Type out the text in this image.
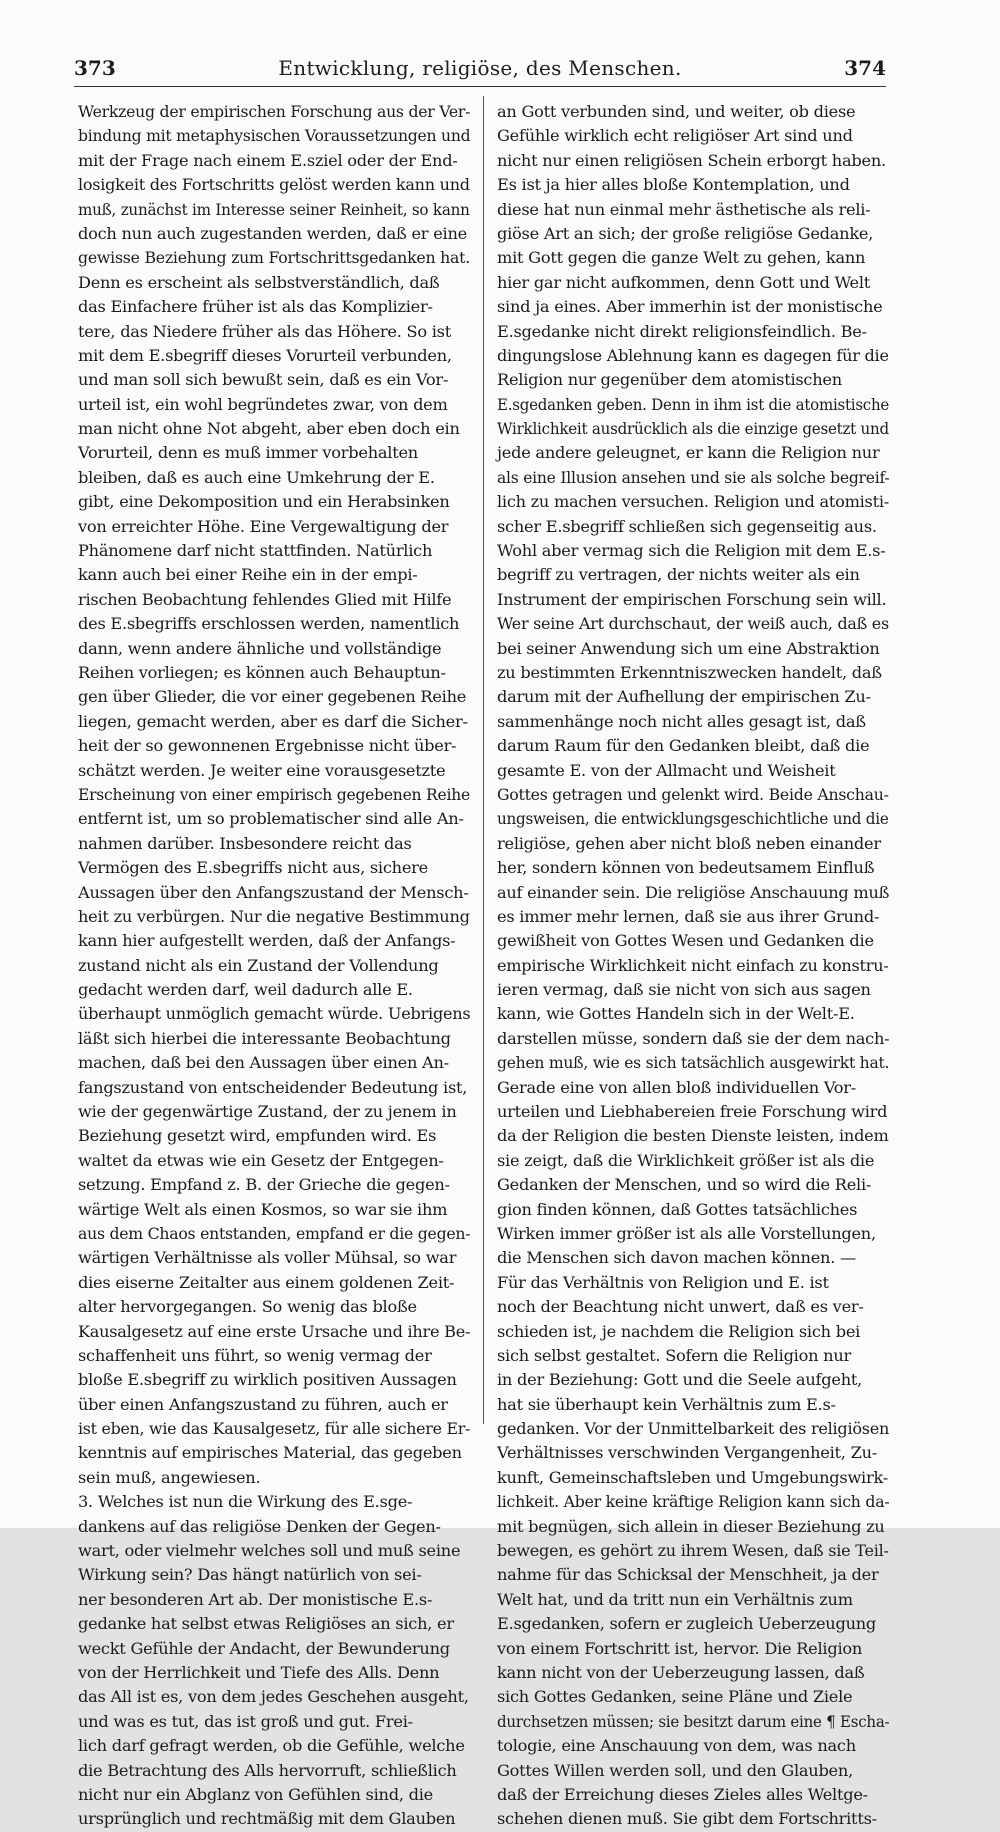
373	Entwicklung, religiöse, des Menschen.	374
Werkzeug der empirischen Forschung aus der Ver-
bindung mit metaphysischen Voraussetzungen und
mit der Frage nach einem E.sziel oder der End-
losigkeit des Fortschritts gelöst werden kann und
muß, zunächst im Interesse seiner Reinheit, so kann
doch nun auch zugestanden werden, daß er eine
gewisse Beziehung zum Fortschrittsgedanken hat.
Denn es erscheint als selbstverständlich, daß
das Einfachere früher ist als das Komplizier-
tere, das Niedere früher als das Höhere. So ist
mit dem E.sbegriff dieses Vorurteil verbunden,
und man soll sich bewußt sein, daß es ein Vor-
urteil ist, ein wohl begründetes zwar, von dem
man nicht ohne Not abgeht, aber eben doch ein
Vorurteil, denn es muß immer vorbehalten
bleiben, daß es auch eine Umkehrung der E.
gibt, eine Dekomposition und ein Herabsinken
von erreichter Höhe. Eine Vergewaltigung der
Phänomene darf nicht stattfinden. Natürlich
kann auch bei einer Reihe ein in der empi-
rischen Beobachtung fehlendes Glied mit Hilfe
des E.sbegriffs erschlossen werden, namentlich
dann, wenn andere ähnliche und vollständige
Reihen vorliegen; es können auch Behauptun-
gen über Glieder, die vor einer gegebenen Reihe
liegen, gemacht werden, aber es darf die Sicher-
heit der so gewonnenen Ergebnisse nicht über-
schätzt werden. Je weiter eine vorausgesetzte
Erscheinung von einer empirisch gegebenen Reihe
entfernt ist, um so problematischer sind alle An-
nahmen darüber. Insbesondere reicht das
Vermögen des E.sbegriffs nicht aus, sichere
Aussagen über den Anfangszustand der Mensch-
heit zu verbürgen. Nur die negative Bestimmung
kann hier aufgestellt werden, daß der Anfangs-
zustand nicht als ein Zustand der Vollendung
gedacht werden darf, weil dadurch alle E.
überhaupt unmöglich gemacht würde. Uebrigens
läßt sich hierbei die interessante Beobachtung
machen, daß bei den Aussagen über einen An-
fangszustand von entscheidender Bedeutung ist,
wie der gegenwärtige Zustand, der zu jenem in
Beziehung gesetzt wird, empfunden wird. Es
waltet da etwas wie ein Gesetz der Entgegen-
setzung. Empfand z. B. der Grieche die gegen-
wärtige Welt als einen Kosmos, so war sie ihm
aus dem Chaos entstanden, empfand er die gegen-
wärtigen Verhältnisse als voller Mühsal, so war
dies eiserne Zeitalter aus einem goldenen Zeit-
alter hervorgegangen. So wenig das bloße
Kausalgesetz auf eine erste Ursache und ihre Be-
schaffenheit uns führt, so wenig vermag der
bloße E.sbegriff zu wirklich positiven Aussagen
über einen Anfangszustand zu führen, auch er
ist eben, wie das Kausalgesetz, für alle sichere Er-
kenntnis auf empirisches Material, das gegeben
sein muß, angewiesen.
3. Welches ist nun die Wirkung des E.sge-
dankens auf das religiöse Denken der Gegen-
wart, oder vielmehr welches soll und muß seine
Wirkung sein? Das hängt natürlich von sei-
ner besonderen Art ab. Der monistische E.s-
gedanke hat selbst etwas Religiöses an sich, er
weckt Gefühle der Andacht, der Bewunderung
von der Herrlichkeit und Tiefe des Alls. Denn
das All ist es, von dem jedes Geschehen ausgeht,
und was es tut, das ist groß und gut. Frei-
lich darf gefragt werden, ob die Gefühle, welche
die Betrachtung des Alls hervorruft, schließlich
nicht nur ein Abglanz von Gefühlen sind, die
ursprünglich und rechtmäßig mit dem Glauben
an Gott verbunden sind, und weiter, ob diese
Gefühle wirklich echt religiöser Art sind und
nicht nur einen religiösen Schein erborgt haben.
Es ist ja hier alles bloße Kontemplation, und
diese hat nun einmal mehr ästhetische als reli-
giöse Art an sich; der große religiöse Gedanke,
mit Gott gegen die ganze Welt zu gehen, kann
hier gar nicht aufkommen, denn Gott und Welt
sind ja eines. Aber immerhin ist der monistische
E.sgedanke nicht direkt religionsfeindlich. Be-
dingungslose Ablehnung kann es dagegen für die
Religion nur gegenüber dem atomistischen
E.sgedanken geben. Denn in ihm ist die atomistische
Wirklichkeit ausdrücklich als die einzige gesetzt und
jede andere geleugnet, er kann die Religion nur
als eine Illusion ansehen und sie als solche begreif-
lich zu machen versuchen. Religion und atomisti-
scher E.sbegriff schließen sich gegenseitig aus.
Wohl aber vermag sich die Religion mit dem E.s-
begriff zu vertragen, der nichts weiter als ein
Instrument der empirischen Forschung sein will.
Wer seine Art durchschaut, der weiß auch, daß es
bei seiner Anwendung sich um eine Abstraktion
zu bestimmten Erkenntniszwecken handelt, daß
darum mit der Aufhellung der empirischen Zu-
sammenhänge noch nicht alles gesagt ist, daß
darum Raum für den Gedanken bleibt, daß die
gesamte E. von der Allmacht und Weisheit
Gottes getragen und gelenkt wird. Beide Anschau-
ungsweisen, die entwicklungsgeschichtliche und die
religiöse, gehen aber nicht bloß neben einander
her, sondern können von bedeutsamem Einfluß
auf einander sein. Die religiöse Anschauung muß
es immer mehr lernen, daß sie aus ihrer Grund-
gewißheit von Gottes Wesen und Gedanken die
empirische Wirklichkeit nicht einfach zu konstru-
ieren vermag, daß sie nicht von sich aus sagen
kann, wie Gottes Handeln sich in der Welt-E.
darstellen müsse, sondern daß sie der dem nach-
gehen muß, wie es sich tatsächlich ausgewirkt hat.
Gerade eine von allen bloß individuellen Vor-
urteilen und Liebhabereien freie Forschung wird
da der Religion die besten Dienste leisten, indem
sie zeigt, daß die Wirklichkeit größer ist als die
Gedanken der Menschen, und so wird die Reli-
gion finden können, daß Gottes tatsächliches
Wirken immer größer ist als alle Vorstellungen,
die Menschen sich davon machen können. —
Für das Verhältnis von Religion und E. ist
noch der Beachtung nicht unwert, daß es ver-
schieden ist, je nachdem die Religion sich bei
sich selbst gestaltet. Sofern die Religion nur
in der Beziehung: Gott und die Seele aufgeht,
hat sie überhaupt kein Verhältnis zum E.s-
gedanken. Vor der Unmittelbarkeit des religiösen
Verhältnisses verschwinden Vergangenheit, Zu-
kunft, Gemeinschaftsleben und Umgebungswirk-
lichkeit. Aber keine kräftige Religion kann sich da-
mit begnügen, sich allein in dieser Beziehung zu
bewegen, es gehört zu ihrem Wesen, daß sie Teil-
nahme für das Schicksal der Menschheit, ja der
Welt hat, und da tritt nun ein Verhältnis zum
E.sgedanken, sofern er zugleich Ueberzeugung
von einem Fortschritt ist, hervor. Die Religion
kann nicht von der Ueberzeugung lassen, daß
sich Gottes Gedanken, seine Pläne und Ziele
durchsetzen müssen; sie besitzt darum eine ¶ Escha-
tologie, eine Anschauung von dem, was nach
Gottes Willen werden soll, und den Glauben,
daß der Erreichung dieses Zieles alles Weltge-
schehen dienen muß. Sie gibt dem Fortschritts-
